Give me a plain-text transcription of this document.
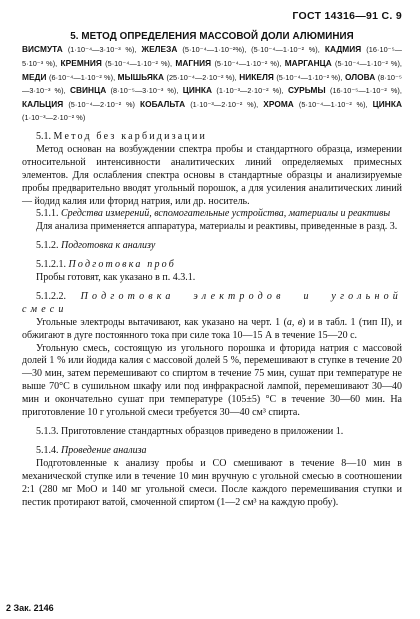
ГОСТ 14316—91 С. 9
5. МЕТОД ОПРЕДЕЛЕНИЯ МАССОВОЙ ДОЛИ АЛЮМИНИЯ
ВИСМУТА (1·10⁻⁴—3·10⁻³ %), ЖЕЛЕЗА (5·10⁻⁴—1·10⁻²%), (5·10⁻⁴—1·10⁻² %), КАДМИЯ (16·10⁻⁵—5·10⁻³ %), КРЕМНИЯ (5·10⁻⁴—1·10⁻² %), МАГНИЯ (5·10⁻⁴—1·10⁻² %), МАРГАНЦА (5·10⁻⁴—1·10⁻² %), МЕДИ (6·10⁻⁴—1·10⁻² %), МЫШЬЯКА (25·10⁻⁴—2·10⁻² %), НИКЕЛЯ (5·10⁻⁴—1·10⁻² %), ОЛОВА (8·10⁻⁵—3·10⁻³ %), СВИНЦА (8·10⁻⁵—3·10⁻³ %), ЦИНКА (1·10⁻³—2·10⁻² %), СУРЬМЫ (16·10⁻⁵—1·10⁻² %), КАЛЬЦИЯ (5·10⁻⁴—2·10⁻² %) КОБАЛЬТА (1·10⁻³—2·10⁻² %), ХРОМА (5·10⁻⁴—1·10⁻² %), ЦИНКА (1·10⁻³—2·10⁻² %)

5.1. Метод без карбидизации

Метод основан на возбуждении спектра пробы и стандартного образца, измерении относительной интенсивности аналитических линий определяемых примесных элементов. Для ослабления спектра основы в стандартные образцы и анализируемые пробы предварительно вводят угольный порошок, а для усиления аналитических линий — йодид калия или фторид натрия, или др. носитель.

5.1.1. Средства измерений, вспомогательные устройства, материалы и реактивы

Для анализа применяется аппаратура, материалы и реактивы, приведенные в разд. 3.

5.1.2. Подготовка к анализу

5.1.2.1. Подготовка проб

Пробы готовят, как указано в п. 4.3.1.

5.1.2.2. Подготовка электродов и угольной смеси

Угольные электроды вытачивают, как указано на черт. 1 (а, в) и в табл. 1 (тип II), и обжигают в дуге постоянного тока при силе тока 10—15 А в течение 15—20 с.

Угольную смесь, состоящую из угольного порошка и фторида натрия с массовой долей 1 % или йодида калия с массовой долей 5 %, перемешивают в ступке в течение 20—30 мин, затем перемешивают со спиртом в течение 75 мин, сушат при температуре не выше 70°С в сушильном шкафу или под инфракрасной лампой, перемешивают 30—40 мин и окончательно сушат при температуре (105±5) °С в течение 30—60 мин. На приготовление 10 г угольной смеси требуется 30—40 см³ спирта.

5.1.3. Приготовление стандартных образцов приведено в приложении 1.

5.1.4. Проведение анализа

Подготовленные к анализу пробы и СО смешивают в течение 8—10 мин в механической ступке или в течение 10 мин вручную с угольной смесью в соотношении 2:1 (280 мг МоО и 140 мг угольной смеси. После каждого перемешивания ступки и пестик протирают ватой, смоченной спиртом (1—2 см³ на каждую пробу).

2 Зак. 2146
